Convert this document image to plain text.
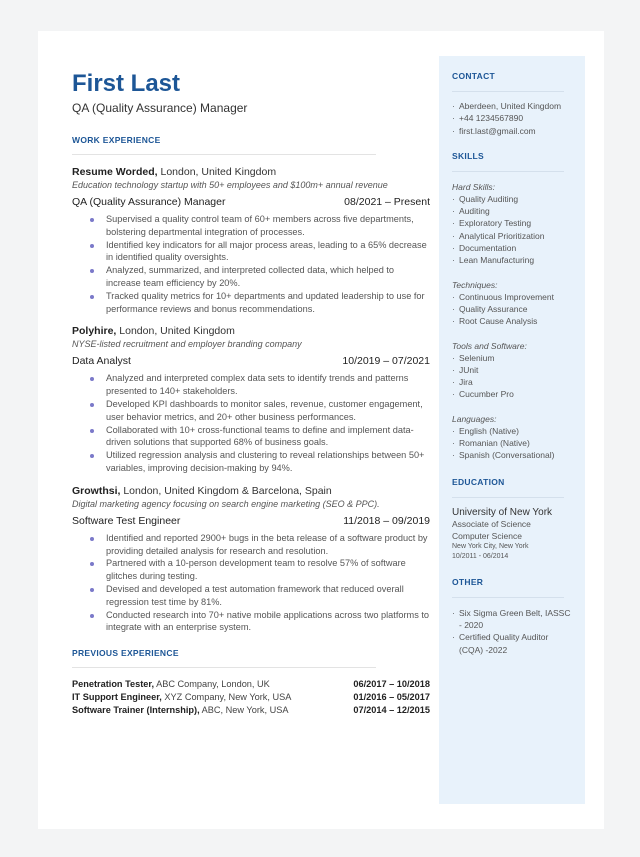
First Last
QA (Quality Assurance) Manager
WORK EXPERIENCE
Resume Worded, London, United Kingdom
Education technology startup with 50+ employees and $100m+ annual revenue
QA (Quality Assurance) Manager	08/2021 – Present
Supervised a quality control team of 60+ members across five departments, bolstering departmental integration of processes.
Identified key indicators for all major process areas, leading to a 65% decrease in identified quality oversights.
Analyzed, summarized, and interpreted collected data, which helped to increase team efficiency by 20%.
Tracked quality metrics for 10+ departments and updated leadership to use for performance reviews and bonus recommendations.
Polyhire, London, United Kingdom
NYSE-listed recruitment and employer branding company
Data Analyst	10/2019 – 07/2021
Analyzed and interpreted complex data sets to identify trends and patterns presented to 140+ stakeholders.
Developed KPI dashboards to monitor sales, revenue, customer engagement, user behavior metrics, and 20+ other business performances.
Collaborated with 10+ cross-functional teams to define and implement data-driven solutions that supported 68% of business goals.
Utilized regression analysis and clustering to reveal relationships between 50+ variables, improving decision-making by 94%.
Growthsi, London, United Kingdom & Barcelona, Spain
Digital marketing agency focusing on search engine marketing (SEO & PPC).
Software Test Engineer	11/2018 – 09/2019
Identified and reported 2900+ bugs in the beta release of a software product by providing detailed analysis for research and resolution.
Partnered with a 10-person development team to resolve 57% of software glitches during testing.
Devised and developed a test automation framework that reduced overall regression test time by 81%.
Conducted research into 70+ native mobile applications across two platforms to integrate with an enterprise system.
PREVIOUS EXPERIENCE
Penetration Tester, ABC Company, London, UK	06/2017 – 10/2018
IT Support Engineer, XYZ Company, New York, USA	01/2016 – 05/2017
Software Trainer (Internship), ABC, New York, USA	07/2014 – 12/2015
CONTACT
· Aberdeen, United Kingdom
· +44 1234567890
· first.last@gmail.com
SKILLS
Hard Skills:
· Quality Auditing
· Auditing
· Exploratory Testing
· Analytical Prioritization
· Documentation
· Lean Manufacturing
Techniques:
· Continuous Improvement
· Quality Assurance
· Root Cause Analysis
Tools and Software:
· Selenium
· JUnit
· Jira
· Cucumber Pro
Languages:
· English (Native)
· Romanian (Native)
· Spanish (Conversational)
EDUCATION
University of New York
Associate of Science
Computer Science
New York City, New York
10/2011 - 06/2014
OTHER
· Six Sigma Green Belt, IASSC - 2020
· Certified Quality Auditor (CQA) -2022
